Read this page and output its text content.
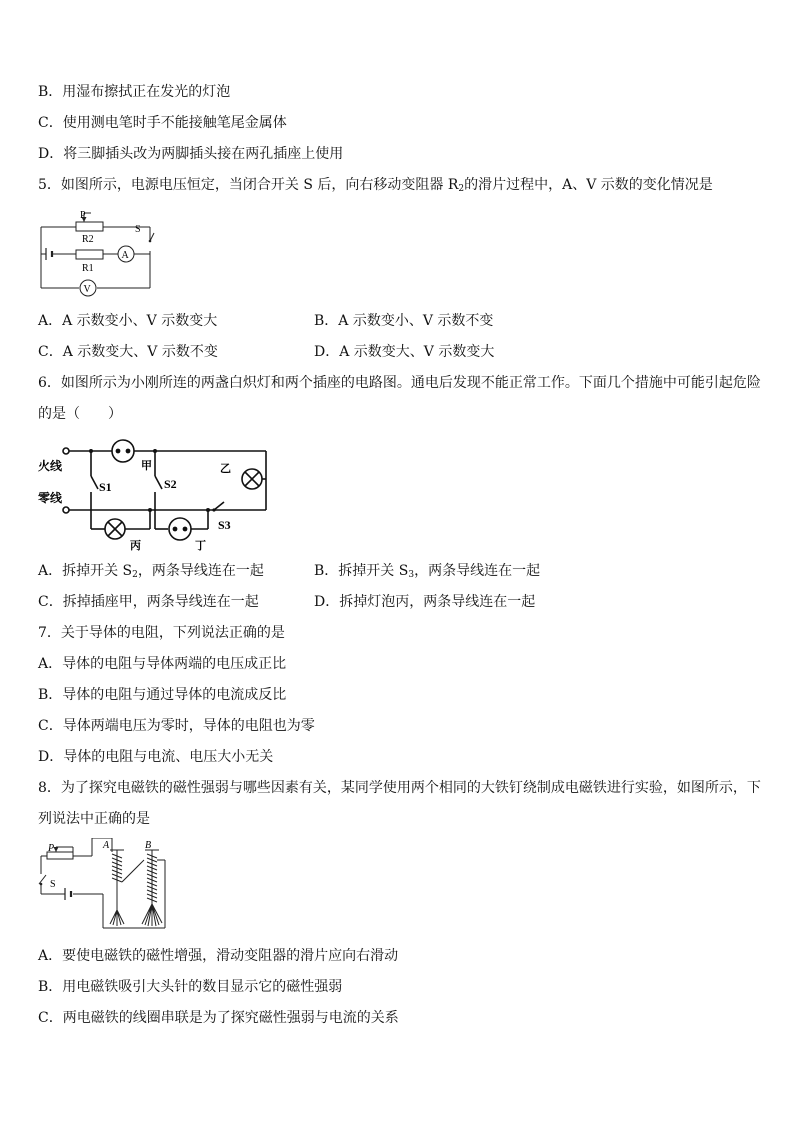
B．用湿布擦拭正在发光的灯泡
C．使用测电笔时手不能接触笔尾金属体
D．将三脚插头改为两脚插头接在两孔插座上使用
5．如图所示，电源电压恒定，当闭合开关 S 后，向右移动变阻器 $R_2$的滑片过程中，A、V 示数的变化情况是
P
R2
R1
S
A
V
A．A 示数变小、V 示数变大	B．A 示数变小、V 示数不变
C．A 示数变大、V 示数不变	D．A 示数变大、V 示数变大
6．如图所示为小刚所连的两盏白炽灯和两个插座的电路图。通电后发现不能正常工作。下面几个措施中可能引起危险
的是（　　）
火线
零线
甲	乙
丙	丁
S1	S2
S3
A．拆掉开关 $S_2$，两条导线连在一起	B．拆掉开关 $S_3$，两条导线连在一起
C．拆掉插座甲，两条导线连在一起	D．拆掉灯泡丙，两条导线连在一起
7．关于导体的电阻，下列说法正确的是
A．导体的电阻与导体两端的电压成正比
B．导体的电阻与通过导体的电流成反比
C．导体两端电压为零时，导体的电阻也为零
D．导体的电阻与电流、电压大小无关
8．为了探究电磁铁的磁性强弱与哪些因素有关，某同学使用两个相同的大铁钉绕制成电磁铁进行实验，如图所示，下
列说法中正确的是
P
S
A	B
A．要使电磁铁的磁性增强，滑动变阻器的滑片应向右滑动
B．用电磁铁吸引大头针的数目显示它的磁性强弱
C．两电磁铁的线圈串联是为了探究磁性强弱与电流的关系
